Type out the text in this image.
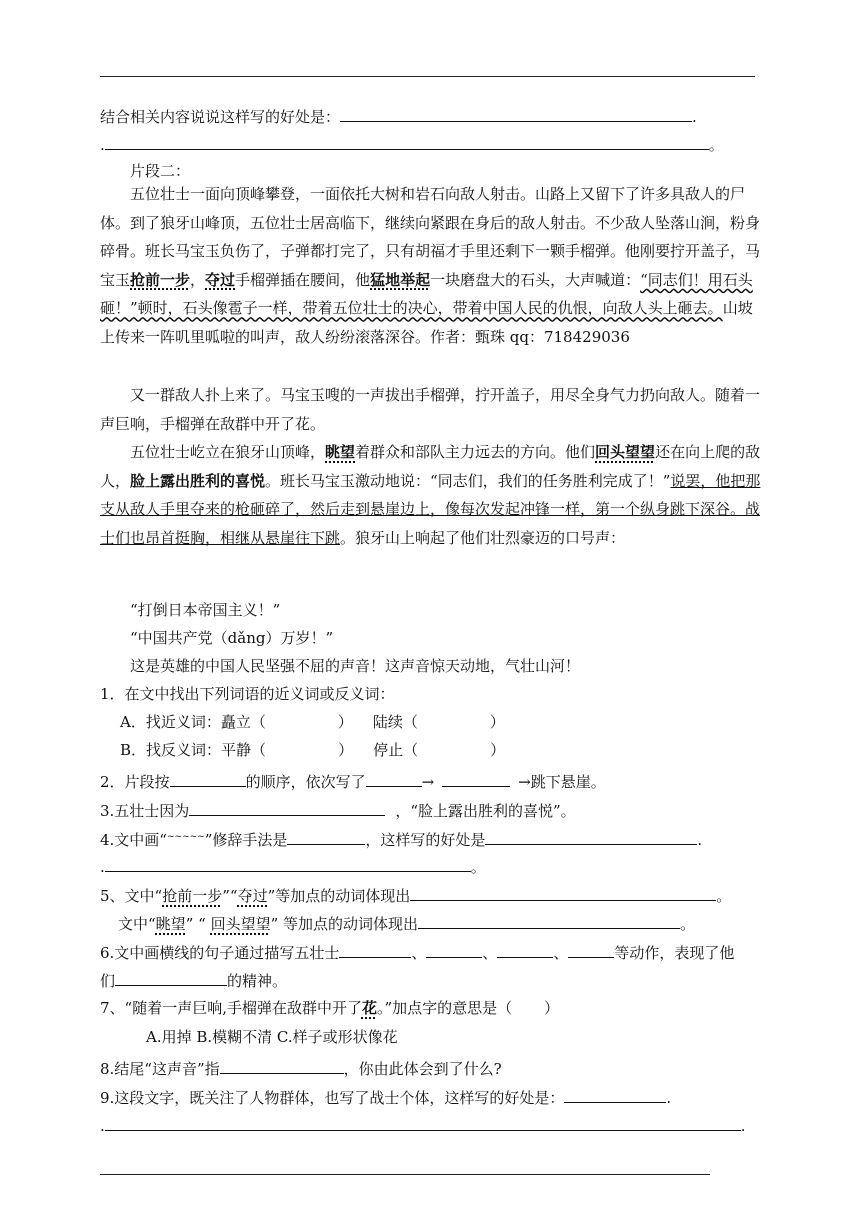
结合相关内容说说这样写的好处是：	.
.	。
片段二：

五位壮士一面向顶峰攀登，一面依托大树和岩石向敌人射击。山路上又留下了许多具敌人的尸体。到了狼牙山峰顶，五位壮士居高临下，继续向紧跟在身后的敌人射击。不少敌人坠落山涧，粉身碎骨。班长马宝玉负伤了，子弹都打完了，只有胡福才手里还剩下一颗手榴弹。他刚要拧开盖子，马宝玉抢前一步，夺过手榴弹插在腰间，他猛地举起一块磨盘大的石头，大声喊道：“同志们！用石头砸！”顿时，石头像雹子一样，带着五位壮士的决心，带着中国人民的仇恨，向敌人头上砸去。山坡上传来一阵叽里呱啦的叫声，敌人纷纷滚落深谷。作者：甄珠 qq：718429036

又一群敌人扑上来了。马宝玉嗖的一声拔出手榴弹，拧开盖子，用尽全身气力扔向敌人。随着一声巨响，手榴弹在敌群中开了花。

五位壮士屹立在狼牙山顶峰，眺望着群众和部队主力远去的方向。他们回头望望还在向上爬的敌人，脸上露出胜利的喜悦。班长马宝玉激动地说：“同志们，我们的任务胜利完成了！”说罢，他把那支从敌人手里夺来的枪砸碎了，然后走到悬崖边上，像每次发起冲锋一样，第一个纵身跳下深谷。战士们也昂首挺胸，相继从悬崖往下跳。狼牙山上响起了他们壮烈豪迈的口号声：

“打倒日本帝国主义！”
“中国共产党（dǎng）万岁！”
这是英雄的中国人民坚强不屈的声音！这声音惊天动地，气壮山河！
1．在文中找出下列词语的近义词或反义词：
A．找近义词：矗立（	） 陆续（	）
B．找反义词：平静（	） 停止（	）
2．片段按	的顺序，依次写了	→	→跳下悬崖。
3.五壮士因为	，“脸上露出胜利的喜悦”。
4.文中画“~~~~~”修辞手法是	，这样写的好处是	.
.	。
5、文中“抢前一步”“夺过”等加点的动词体现出	。
文中“眺望” “ 回头望望” 等加点的动词体现出	。
6.文中画横线的句子通过描写五壮士	、	、	、	等动作，表现了他
们	的精神。
7、“随着一声巨响,手榴弹在敌群中开了花。”加点字的意思是（ ）
A.用掉 B.模糊不清 C.样子或形状像花
8.结尾“这声音”指	，你由此体会到了什么?
9.这段文字，既关注了人物群体，也写了战士个体，这样写的好处是：	.
.	.
